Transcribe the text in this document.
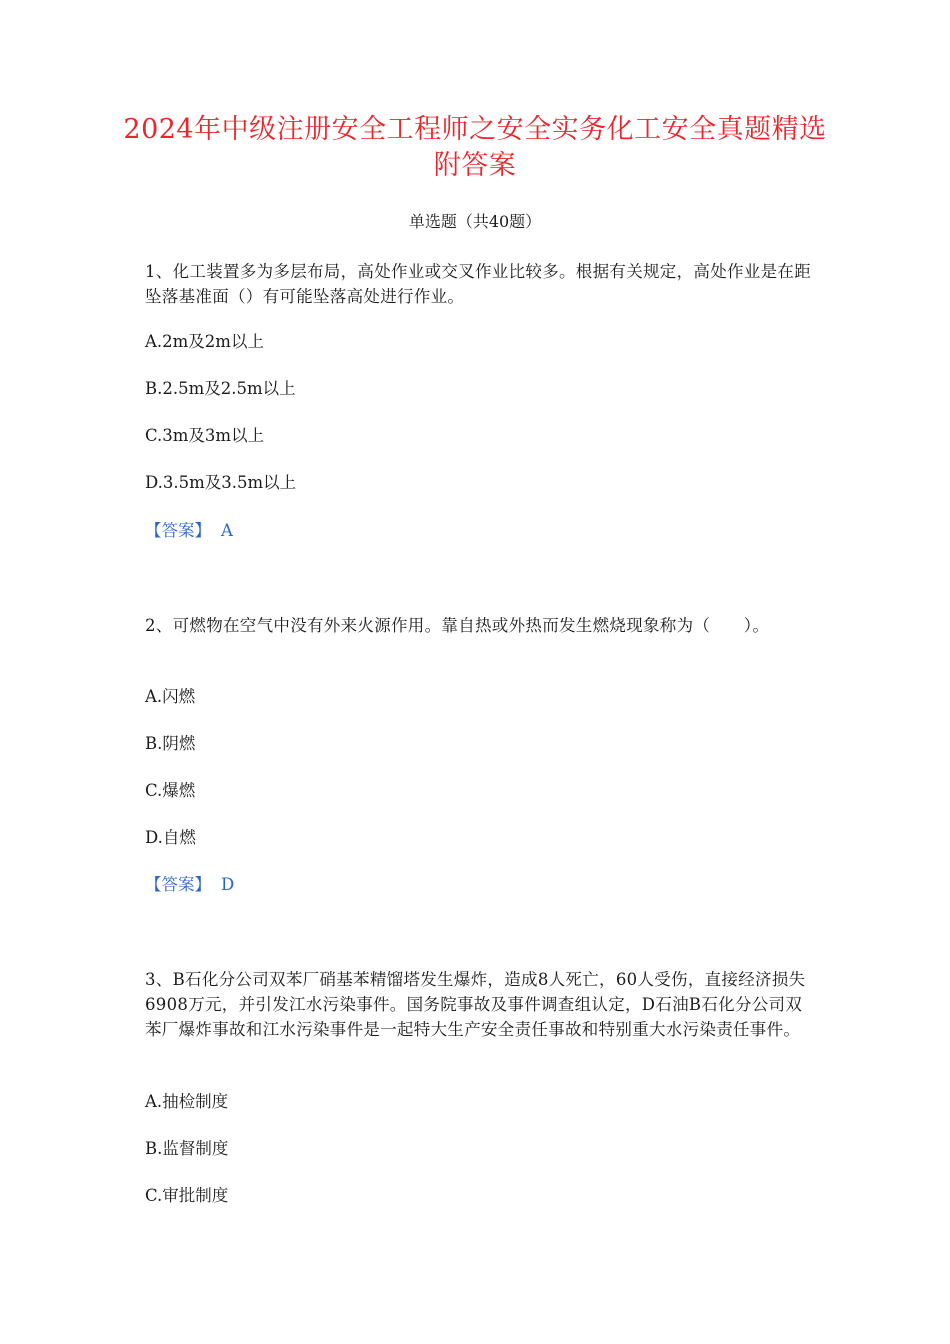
2024年中级注册安全工程师之安全实务化工安全真题精选附答案
单选题（共40题）
1、化工装置多为多层布局，高处作业或交叉作业比较多。根据有关规定，高处作业是在距坠落基准面（）有可能坠落高处进行作业。
A.2m及2m以上
B.2.5m及2.5m以上
C.3m及3m以上
D.3.5m及3.5m以上
【答案】 A
2、可燃物在空气中没有外来火源作用。靠自热或外热而发生燃烧现象称为（　　）。
A.闪燃
B.阴燃
C.爆燃
D.自燃
【答案】 D
3、B石化分公司双苯厂硝基苯精馏塔发生爆炸，造成8人死亡，60人受伤，直接经济损失6908万元，并引发江水污染事件。国务院事故及事件调查组认定，D石油B石化分公司双苯厂爆炸事故和江水污染事件是一起特大生产安全责任事故和特别重大水污染责任事件。
A.抽检制度
B.监督制度
C.审批制度
